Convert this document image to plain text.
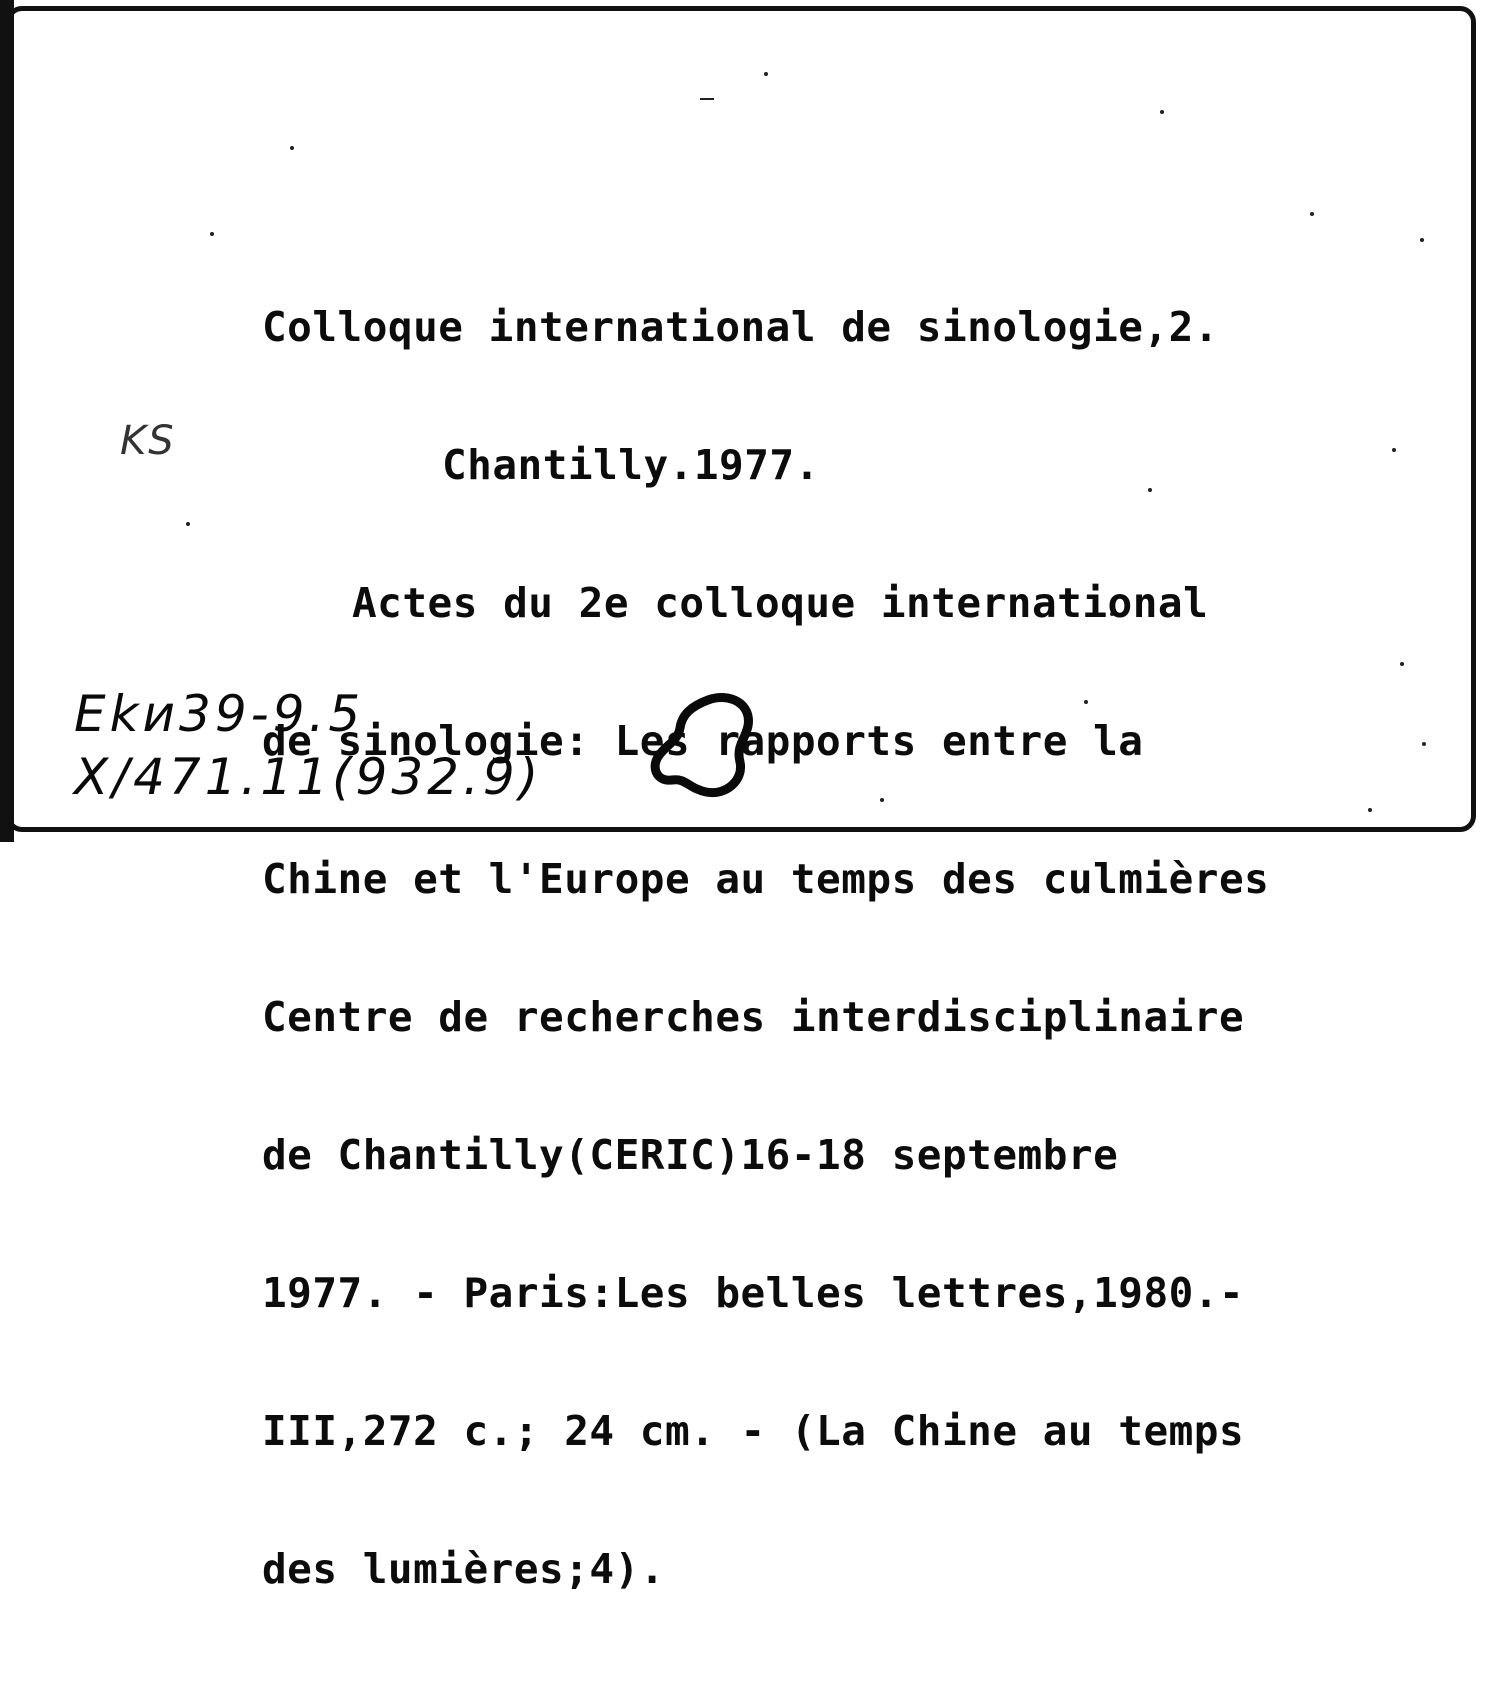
Colloque international de sinologie,2.

Chantilly.1977.

Actes du 2e colloque international

de sinologie: Les rapports entre la

Chine et l'Europe au temps des culmières

Centre de recherches interdisciplinaire

de Chantilly(CERIC)16-18 septembre

1977. - Paris:Les belles lettres,1980.-

III,272 c.; 24 cm. - (La Chine au temps

des lumières;4).

KS
Ekи39-9.5
X/471.11(932.9)
